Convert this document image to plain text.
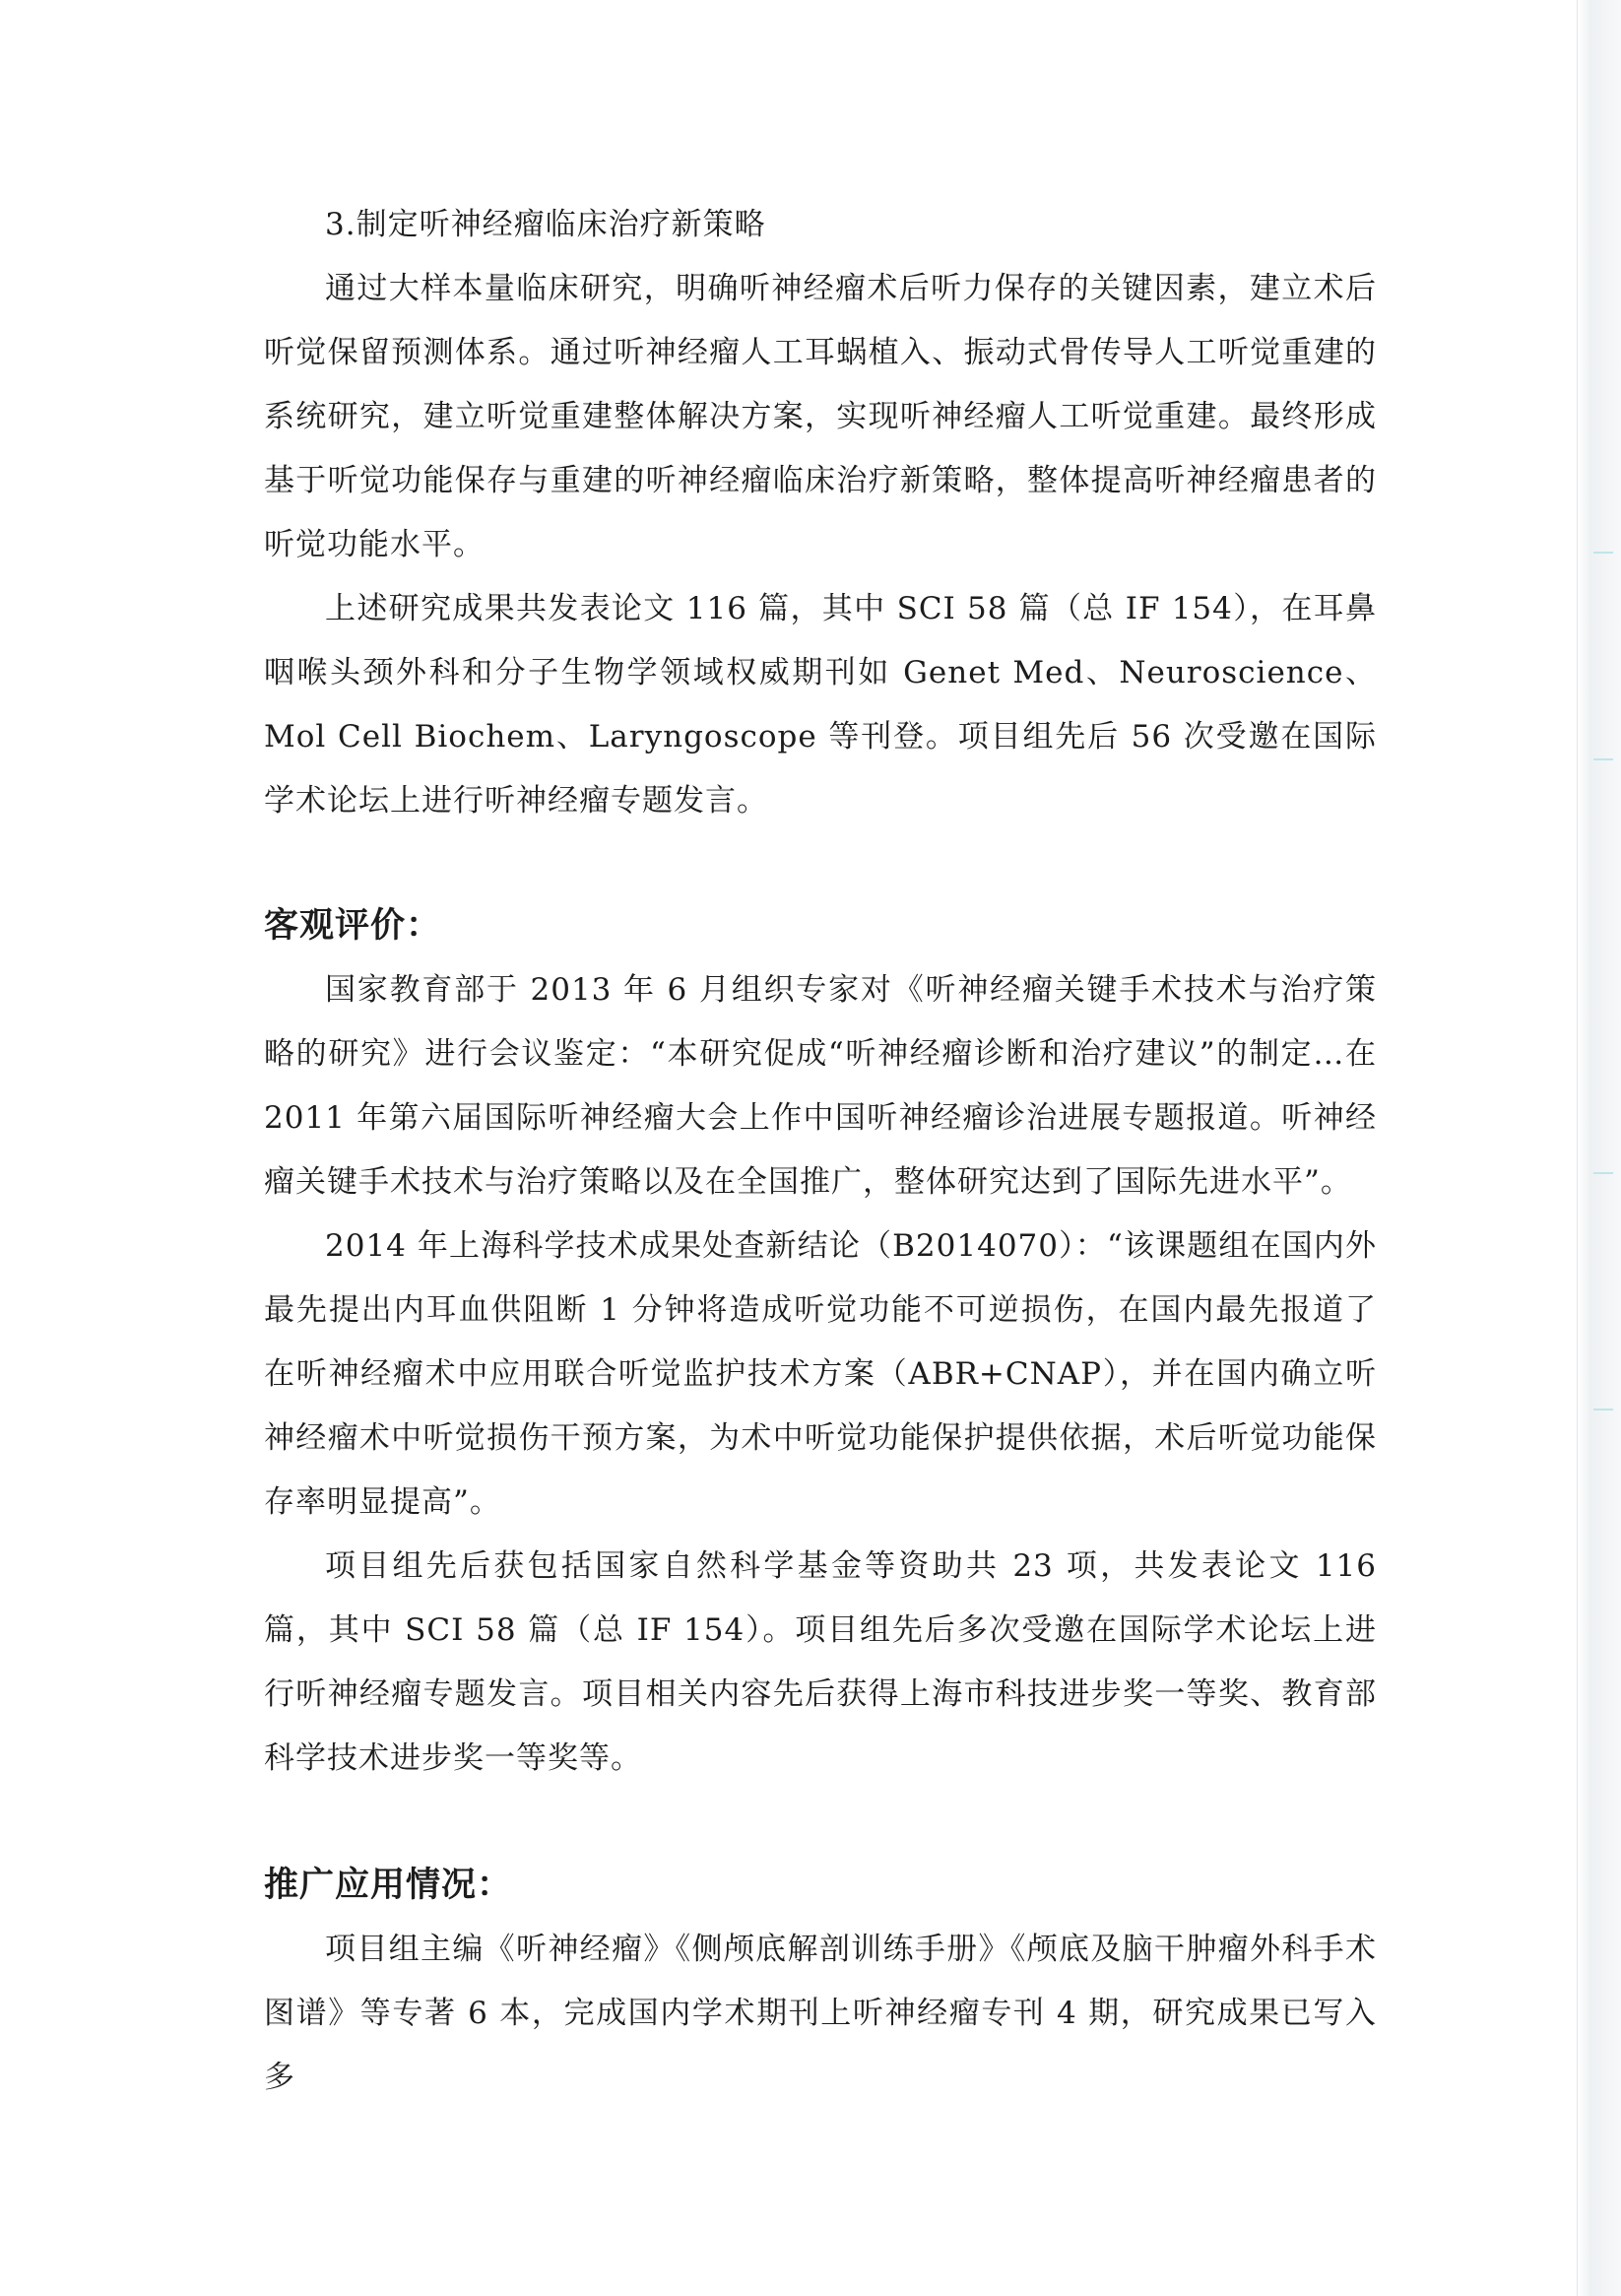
3.制定听神经瘤临床治疗新策略

通过大样本量临床研究，明确听神经瘤术后听力保存的关键因素，建立术后听觉保留预测体系。通过听神经瘤人工耳蜗植入、振动式骨传导人工听觉重建的系统研究，建立听觉重建整体解决方案，实现听神经瘤人工听觉重建。最终形成基于听觉功能保存与重建的听神经瘤临床治疗新策略，整体提高听神经瘤患者的听觉功能水平。

上述研究成果共发表论文 116 篇，其中 SCI 58 篇（总 IF 154），在耳鼻咽喉头颈外科和分子生物学领域权威期刊如 Genet Med、Neuroscience、Mol Cell Biochem、Laryngoscope 等刊登。项目组先后 56 次受邀在国际学术论坛上进行听神经瘤专题发言。

客观评价：

国家教育部于 2013 年 6 月组织专家对《听神经瘤关键手术技术与治疗策略的研究》进行会议鉴定：“本研究促成“听神经瘤诊断和治疗建议”的制定…在 2011 年第六届国际听神经瘤大会上作中国听神经瘤诊治进展专题报道。听神经瘤关键手术技术与治疗策略以及在全国推广，整体研究达到了国际先进水平”。

2014 年上海科学技术成果处查新结论（B2014070）：“该课题组在国内外最先提出内耳血供阻断 1 分钟将造成听觉功能不可逆损伤，在国内最先报道了在听神经瘤术中应用联合听觉监护技术方案（ABR+CNAP），并在国内确立听神经瘤术中听觉损伤干预方案，为术中听觉功能保护提供依据，术后听觉功能保存率明显提高”。

项目组先后获包括国家自然科学基金等资助共 23 项，共发表论文 116 篇，其中 SCI 58 篇（总 IF 154）。项目组先后多次受邀在国际学术论坛上进行听神经瘤专题发言。项目相关内容先后获得上海市科技进步奖一等奖、教育部科学技术进步奖一等奖等。

推广应用情况：

项目组主编《听神经瘤》《侧颅底解剖训练手册》《颅底及脑干肿瘤外科手术图谱》等专著 6 本，完成国内学术期刊上听神经瘤专刊 4 期，研究成果已写入多
